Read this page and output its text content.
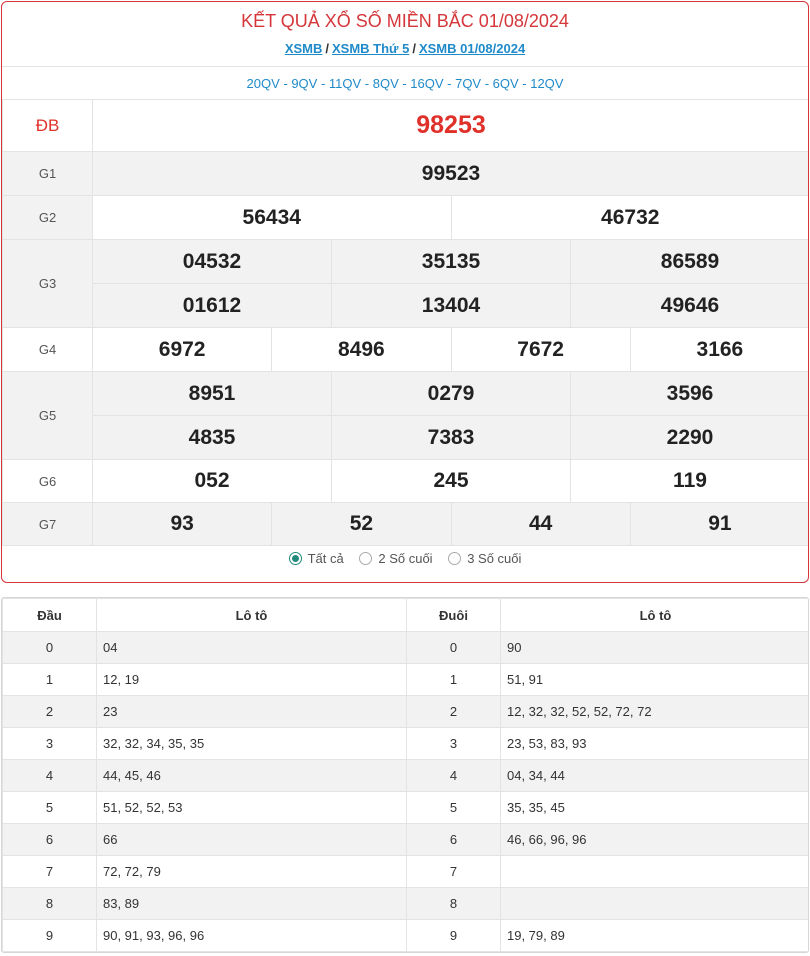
KẾT QUẢ XỔ SỐ MIỀN BẮC 01/08/2024
XSMB / XSMB Thứ 5 / XSMB 01/08/2024
20QV - 9QV - 11QV - 8QV - 16QV - 7QV - 6QV - 12QV
ĐB	98253
G1	99523
G2	56434 46732

G3	04532 35135 86589

01612 13404 49646

G4	6972 8496 7672 3166

G5	8951 0279 3596

4835 7383 2290

G6	052 245 119

G7	93 52 44 91
Tất cả
	2 Số cuối
	3 Số cuối
Đầu	Lô tô	Đuôi	Lô tô
0	04	0	90
1	12, 19	1	51, 91
2	23	2	12, 32, 32, 52, 52, 72, 72
3	32, 32, 34, 35, 35	3	23, 53, 83, 93
4	44, 45, 46	4	04, 34, 44
5	51, 52, 52, 53	5	35, 35, 45
6	66	6	46, 66, 96, 96
7	72, 72, 79	7	
8	83, 89	8	
9	90, 91, 93, 96, 96	9	19, 79, 89
